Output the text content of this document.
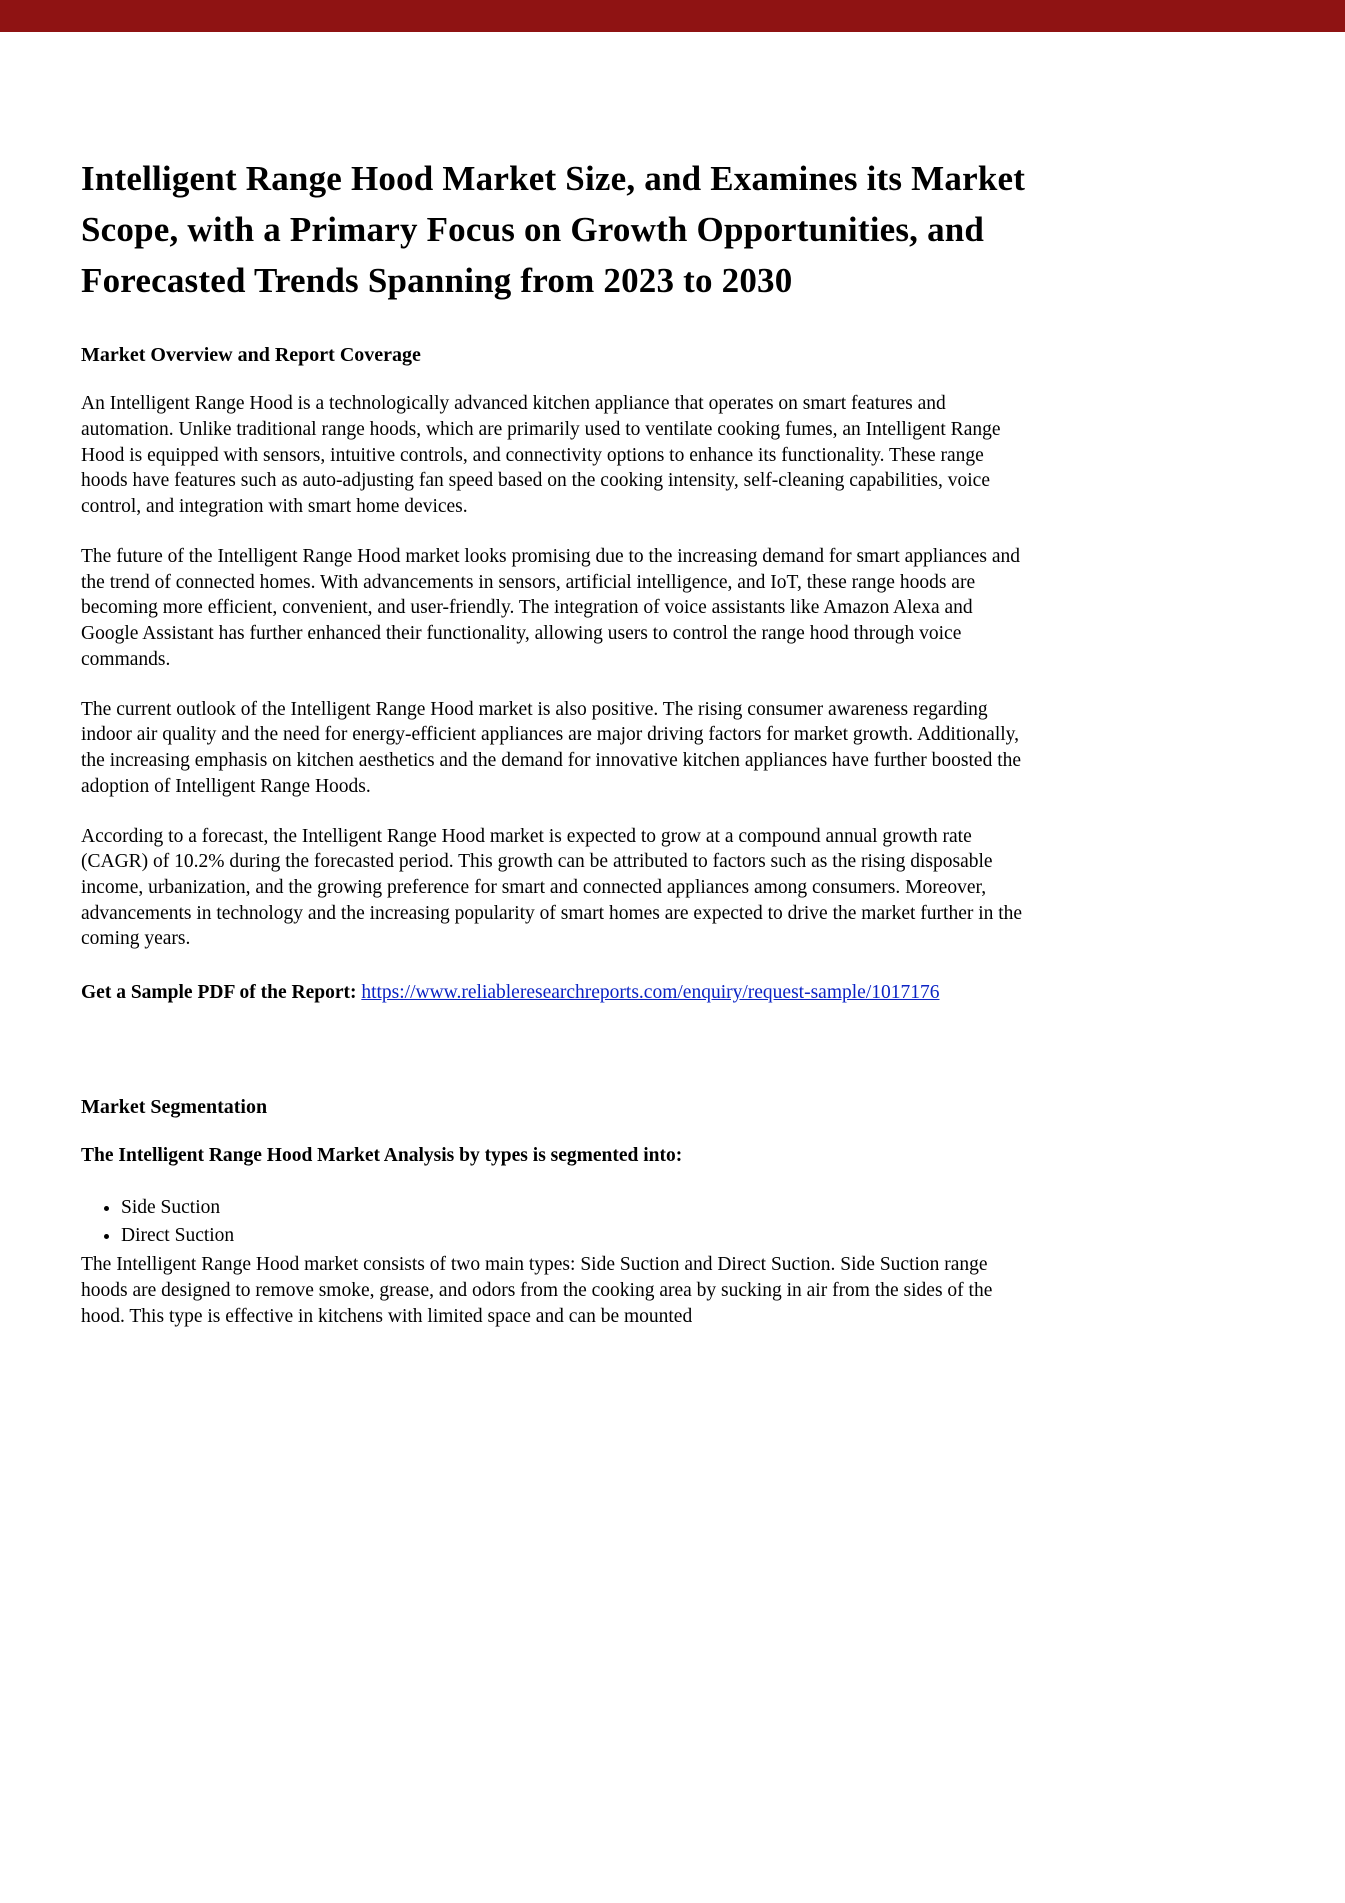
Intelligent Range Hood Market Size, and Examines its Market Scope, with a Primary Focus on Growth Opportunities, and Forecasted Trends Spanning from 2023 to 2030
Market Overview and Report Coverage

An Intelligent Range Hood is a technologically advanced kitchen appliance that operates on smart features and automation. Unlike traditional range hoods, which are primarily used to ventilate cooking fumes, an Intelligent Range Hood is equipped with sensors, intuitive controls, and connectivity options to enhance its functionality. These range hoods have features such as auto-adjusting fan speed based on the cooking intensity, self-cleaning capabilities, voice control, and integration with smart home devices.

The future of the Intelligent Range Hood market looks promising due to the increasing demand for smart appliances and the trend of connected homes. With advancements in sensors, artificial intelligence, and IoT, these range hoods are becoming more efficient, convenient, and user-friendly. The integration of voice assistants like Amazon Alexa and Google Assistant has further enhanced their functionality, allowing users to control the range hood through voice commands.

The current outlook of the Intelligent Range Hood market is also positive. The rising consumer awareness regarding indoor air quality and the need for energy-efficient appliances are major driving factors for market growth. Additionally, the increasing emphasis on kitchen aesthetics and the demand for innovative kitchen appliances have further boosted the adoption of Intelligent Range Hoods.

According to a forecast, the Intelligent Range Hood market is expected to grow at a compound annual growth rate (CAGR) of 10.2% during the forecasted period. This growth can be attributed to factors such as the rising disposable income, urbanization, and the growing preference for smart and connected appliances among consumers. Moreover, advancements in technology and the increasing popularity of smart homes are expected to drive the market further in the coming years.

Get a Sample PDF of the Report: https://www.reliableresearchreports.com/enquiry/request-sample/1017176

Market Segmentation

The Intelligent Range Hood Market Analysis by types is segmented into:

• Side Suction
• Direct Suction

The Intelligent Range Hood market consists of two main types: Side Suction and Direct Suction. Side Suction range hoods are designed to remove smoke, grease, and odors from the cooking area by sucking in air from the sides of the hood. This type is effective in kitchens with limited space and can be mounted
